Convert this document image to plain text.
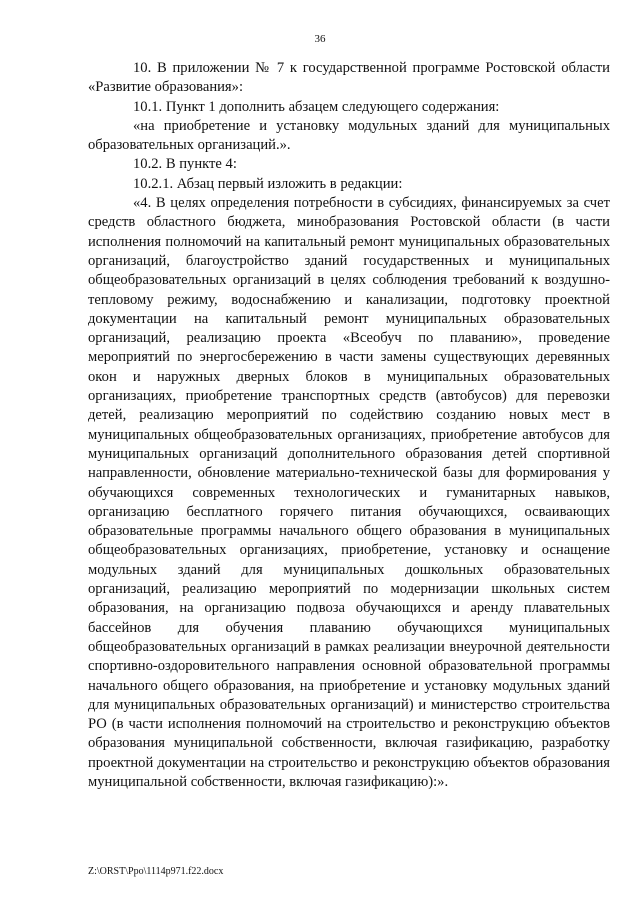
36

10. В приложении № 7 к государственной программе Ростовской области «Развитие образования»:

10.1. Пункт 1 дополнить абзацем следующего содержания:

«на приобретение и установку модульных зданий для муниципальных образовательных организаций.».

10.2. В пункте 4:

10.2.1. Абзац первый изложить в редакции:

«4. В целях определения потребности в субсидиях, финансируемых за счет средств областного бюджета, минобразования Ростовской области (в части исполнения полномочий на капитальный ремонт муниципальных образовательных организаций, благоустройство зданий государственных и муниципальных общеобразовательных организаций в целях соблюдения требований к воздушно-тепловому режиму, водоснабжению и канализации, подготовку проектной документации на капитальный ремонт муниципальных образовательных организаций, реализацию проекта «Всеобуч по плаванию», проведение мероприятий по энергосбережению в части замены существующих деревянных окон и наружных дверных блоков в муниципальных образовательных организациях, приобретение транспортных средств (автобусов) для перевозки детей, реализацию мероприятий по содействию созданию новых мест в муниципальных общеобразовательных организациях, приобретение автобусов для муниципальных организаций дополнительного образования детей спортивной направленности, обновление материально-технической базы для формирования у обучающихся современных технологических и гуманитарных навыков, организацию бесплатного горячего питания обучающихся, осваивающих образовательные программы начального общего образования в муниципальных общеобразовательных организациях, приобретение, установку и оснащение модульных зданий для муниципальных дошкольных образовательных организаций, реализацию мероприятий по модернизации школьных систем образования, на организацию подвоза обучающихся и аренду плавательных бассейнов для обучения плаванию обучающихся муниципальных общеобразовательных организаций в рамках реализации внеурочной деятельности спортивно-оздоровительного направления основной образовательной программы начального общего образования, на приобретение и установку модульных зданий для муниципальных образовательных организаций) и министерство строительства РО (в части исполнения полномочий на строительство и реконструкцию объектов образования муниципальной собственности, включая газификацию, разработку проектной документации на строительство и реконструкцию объектов образования муниципальной собственности, включая газификацию):».

Z:\ORST\Ppo\1114p971.f22.docx
